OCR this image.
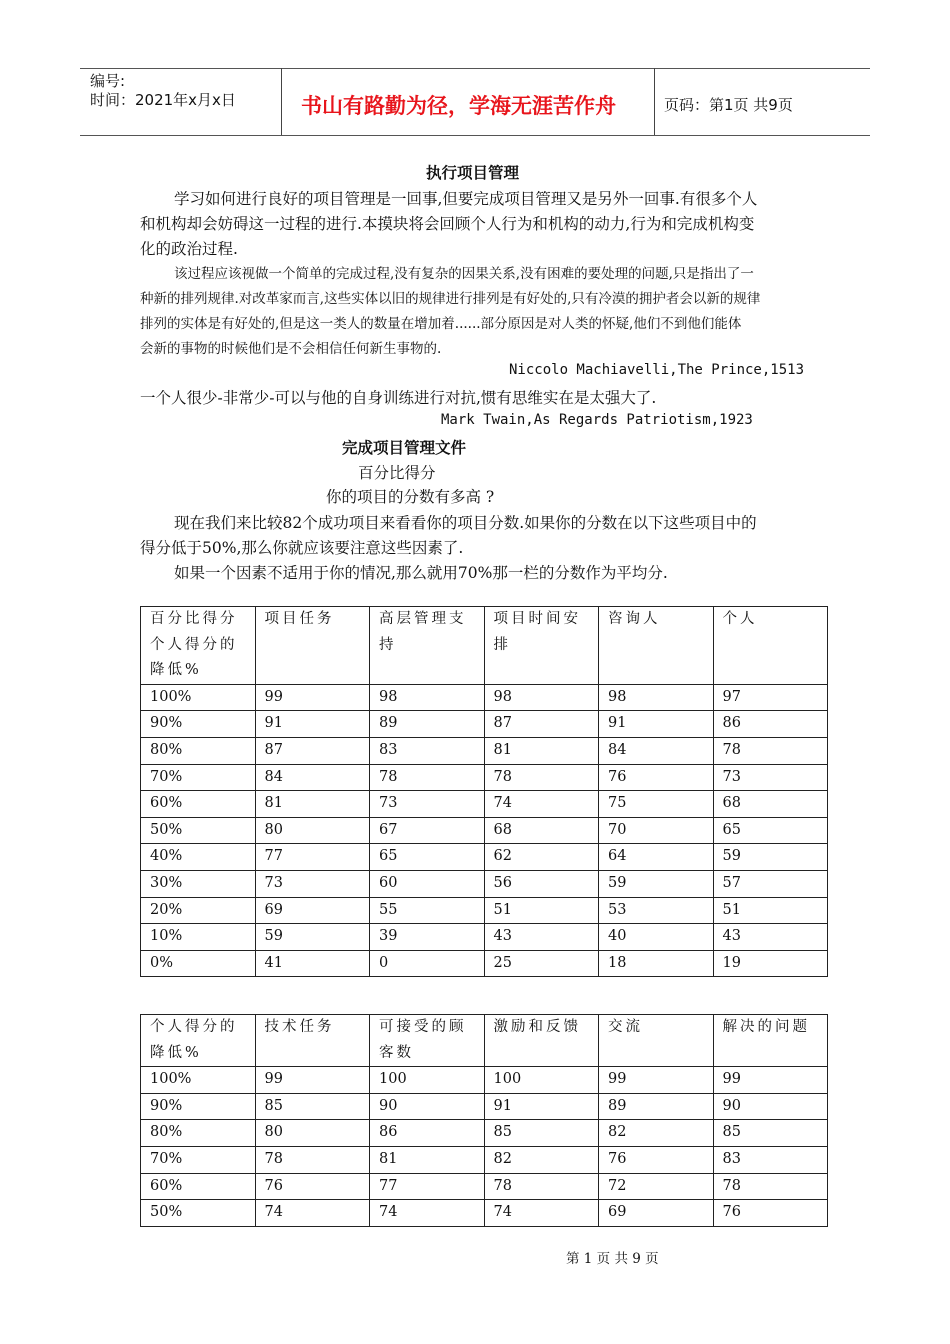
编号:
时间：2021年x月x日	书山有路勤为径，学海无涯苦作舟	页码：第1页 共9页
执行项目管理
学习如何进行良好的项目管理是一回事,但要完成项目管理又是另外一回事.有很多个人
和机构却会妨碍这一过程的进行.本摸块将会回顾个人行为和机构的动力,行为和完成机构变
化的政治过程.
该过程应该视做一个简单的完成过程,没有复杂的因果关系,没有困难的要处理的问题,只是指出了一
种新的排列规律.对改革家而言,这些实体以旧的规律进行排列是有好处的,只有冷漠的拥护者会以新的规律
排列的实体是有好处的,但是这一类人的数量在增加着......部分原因是对人类的怀疑,他们不到他们能体
会新的事物的时候他们是不会相信任何新生事物的.
Niccolo Machiavelli,The Prince,1513
一个人很少-非常少-可以与他的自身训练进行对抗,惯有思维实在是太强大了.
Mark Twain,As Regards Patriotism,1923
完成项目管理文件
百分比得分
你的项目的分数有多高 ?
现在我们来比较82个成功项目来看看你的项目分数.如果你的分数在以下这些项目中的
得分低于50%,那么你就应该要注意这些因素了.
如果一个因素不适用于你的情况,那么就用70%那一栏的分数作为平均分.
百分比得分个人得分的降低%	项目任务	高层管理支持	项目时间安排	咨询人	个人
100%	99	98	98	98	97
90%	91	89	87	91	86
80%	87	83	81	84	78
70%	84	78	78	76	73
60%	81	73	74	75	68
50%	80	67	68	70	65
40%	77	65	62	64	59
30%	73	60	56	59	57
20%	69	55	51	53	51
10%	59	39	43	40	43
0%	41	0	25	18	19
个人得分的降低%	技术任务	可接受的顾客数	激励和反馈	交流	解决的问题
100%	99	100	100	99	99
90%	85	90	91	89	90
80%	80	86	85	82	85
70%	78	81	82	76	83
60%	76	77	78	72	78
50%	74	74	74	69	76
第 1 页 共 9 页
